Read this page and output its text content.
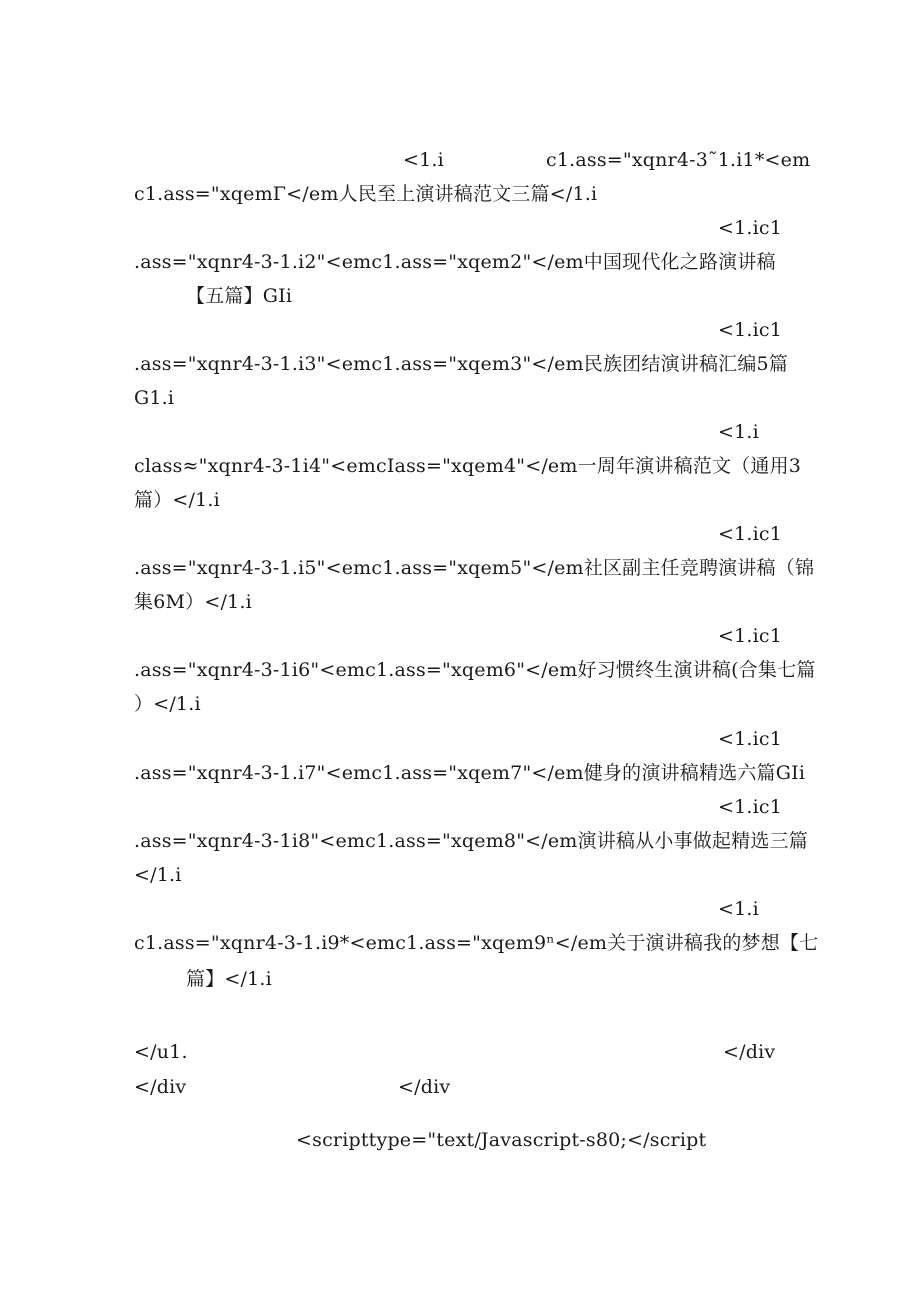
<1.i	c1.ass="xqnr4-3˜1.i1*<em
c1.ass="xqemΓ</em人民至上演讲稿范文三篇</1.i
<1.ic1
.ass="xqnr4-3-1.i2"<emc1.ass="xqem2"</em中国现代化之路演讲稿
【五篇】GIi
<1.ic1
.ass="xqnr4-3-1.i3"<emc1.ass="xqem3"</em民族团结演讲稿汇编5篇
G1.i
<1.i
class≈"xqnr4-3-1i4"<emcIass="xqem4"</em一周年演讲稿范文（通用3
篇）</1.i
<1.ic1
.ass="xqnr4-3-1.i5"<emc1.ass="xqem5"</em社区副主任竞聘演讲稿（锦
集6M）</1.i
<1.ic1
.ass="xqnr4-3-1i6"<emc1.ass="xqem6"</em好习惯终生演讲稿(合集七篇
）</1.i
<1.ic1
.ass="xqnr4-3-1.i7"<emc1.ass="xqem7"</em健身的演讲稿精选六篇GIi
<1.ic1
.ass="xqnr4-3-1i8"<emc1.ass="xqem8"</em演讲稿从小事做起精选三篇
</1.i
<1.i
c1.ass="xqnr4-3-1.i9*<emc1.ass="xqem9ⁿ</em关于演讲稿我的梦想【七
篇】</1.i
</u1.	</div
</div	</div
<scripttype="text/Javascript-s80;</script
